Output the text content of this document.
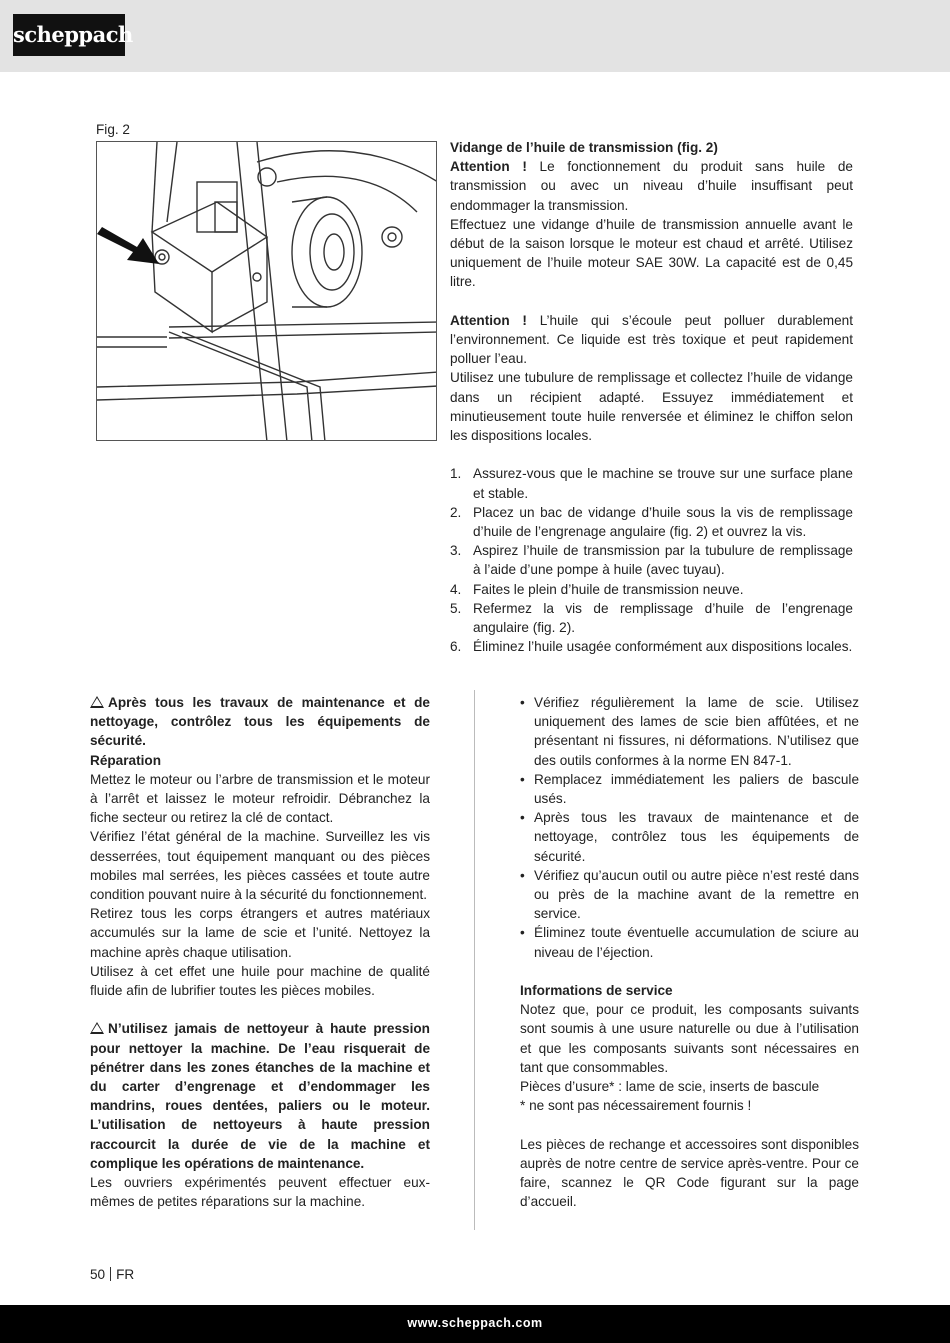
scheppach
Fig. 2

Vidange de l’huile de transmission (fig. 2)

Attention ! Le fonctionnement du produit sans huile de transmission ou avec un niveau d’huile insuffisant peut endommager la transmission.

Effectuez une vidange d’huile de transmission annuelle avant le début de la saison lorsque le moteur est chaud et arrêté. Utilisez uniquement de l’huile moteur SAE 30W. La capacité est de 0,45 litre.

Attention ! L’huile qui s’écoule peut polluer durablement l’environnement. Ce liquide est très toxique et peut rapidement polluer l’eau.

Utilisez une tubulure de remplissage et collectez l’huile de vidange dans un récipient adapté. Essuyez immédiatement et minutieusement toute huile renversée et éliminez le chiffon selon les dispositions locales.

1. Assurez-vous que le machine se trouve sur une surface plane et stable.
2. Placez un bac de vidange d’huile sous la vis de remplissage d’huile de l’engrenage angulaire (fig. 2) et ouvrez la vis.
3. Aspirez l’huile de transmission par la tubulure de remplissage à l’aide d’une pompe à huile (avec tuyau).
4. Faites le plein d’huile de transmission neuve.
5. Refermez la vis de remplissage d’huile de l’engrenage angulaire (fig. 2).
6. Éliminez l’huile usagée conformément aux dispositions locales.

Après tous les travaux de maintenance et de nettoyage, contrôlez tous les équipements de sécurité.

Réparation

Mettez le moteur ou l’arbre de transmission et le moteur à l’arrêt et laissez le moteur refroidir. Débranchez la fiche secteur ou retirez la clé de contact.

Vérifiez l’état général de la machine. Surveillez les vis desserrées, tout équipement manquant ou des pièces mobiles mal serrées, les pièces cassées et toute autre condition pouvant nuire à la sécurité du fonctionnement.

Retirez tous les corps étrangers et autres matériaux accumulés sur la lame de scie et l’unité. Nettoyez la machine après chaque utilisation.

Utilisez à cet effet une huile pour machine de qualité fluide afin de lubrifier toutes les pièces mobiles.

N’utilisez jamais de nettoyeur à haute pression pour nettoyer la machine. De l’eau risquerait de pénétrer dans les zones étanches de la machine et du carter d’engrenage et d’endommager les mandrins, roues dentées, paliers ou le moteur. L’utilisation de nettoyeurs à haute pression raccourcit la durée de vie de la machine et complique les opérations de maintenance.

Les ouvriers expérimentés peuvent effectuer eux-mêmes de petites réparations sur la machine.

• Vérifiez régulièrement la lame de scie. Utilisez uniquement des lames de scie bien affûtées, et ne présentant ni fissures, ni déformations. N’utilisez que des outils conformes à la norme EN 847-1.
• Remplacez immédiatement les paliers de bascule usés.
• Après tous les travaux de maintenance et de nettoyage, contrôlez tous les équipements de sécurité.
• Vérifiez qu’aucun outil ou autre pièce n’est resté dans ou près de la machine avant de la remettre en service.
• Éliminez toute éventuelle accumulation de sciure au niveau de l’éjection.

Informations de service

Notez que, pour ce produit, les composants suivants sont soumis à une usure naturelle ou due à l’utilisation et que les composants suivants sont nécessaires en tant que consommables.

Pièces d’usure* : lame de scie, inserts de bascule

* ne sont pas nécessairement fournis !

Les pièces de rechange et accessoires sont disponibles auprès de notre centre de service après-ventre. Pour ce faire, scannez le QR Code figurant sur la page d’accueil.

50 FR
www.scheppach.com
